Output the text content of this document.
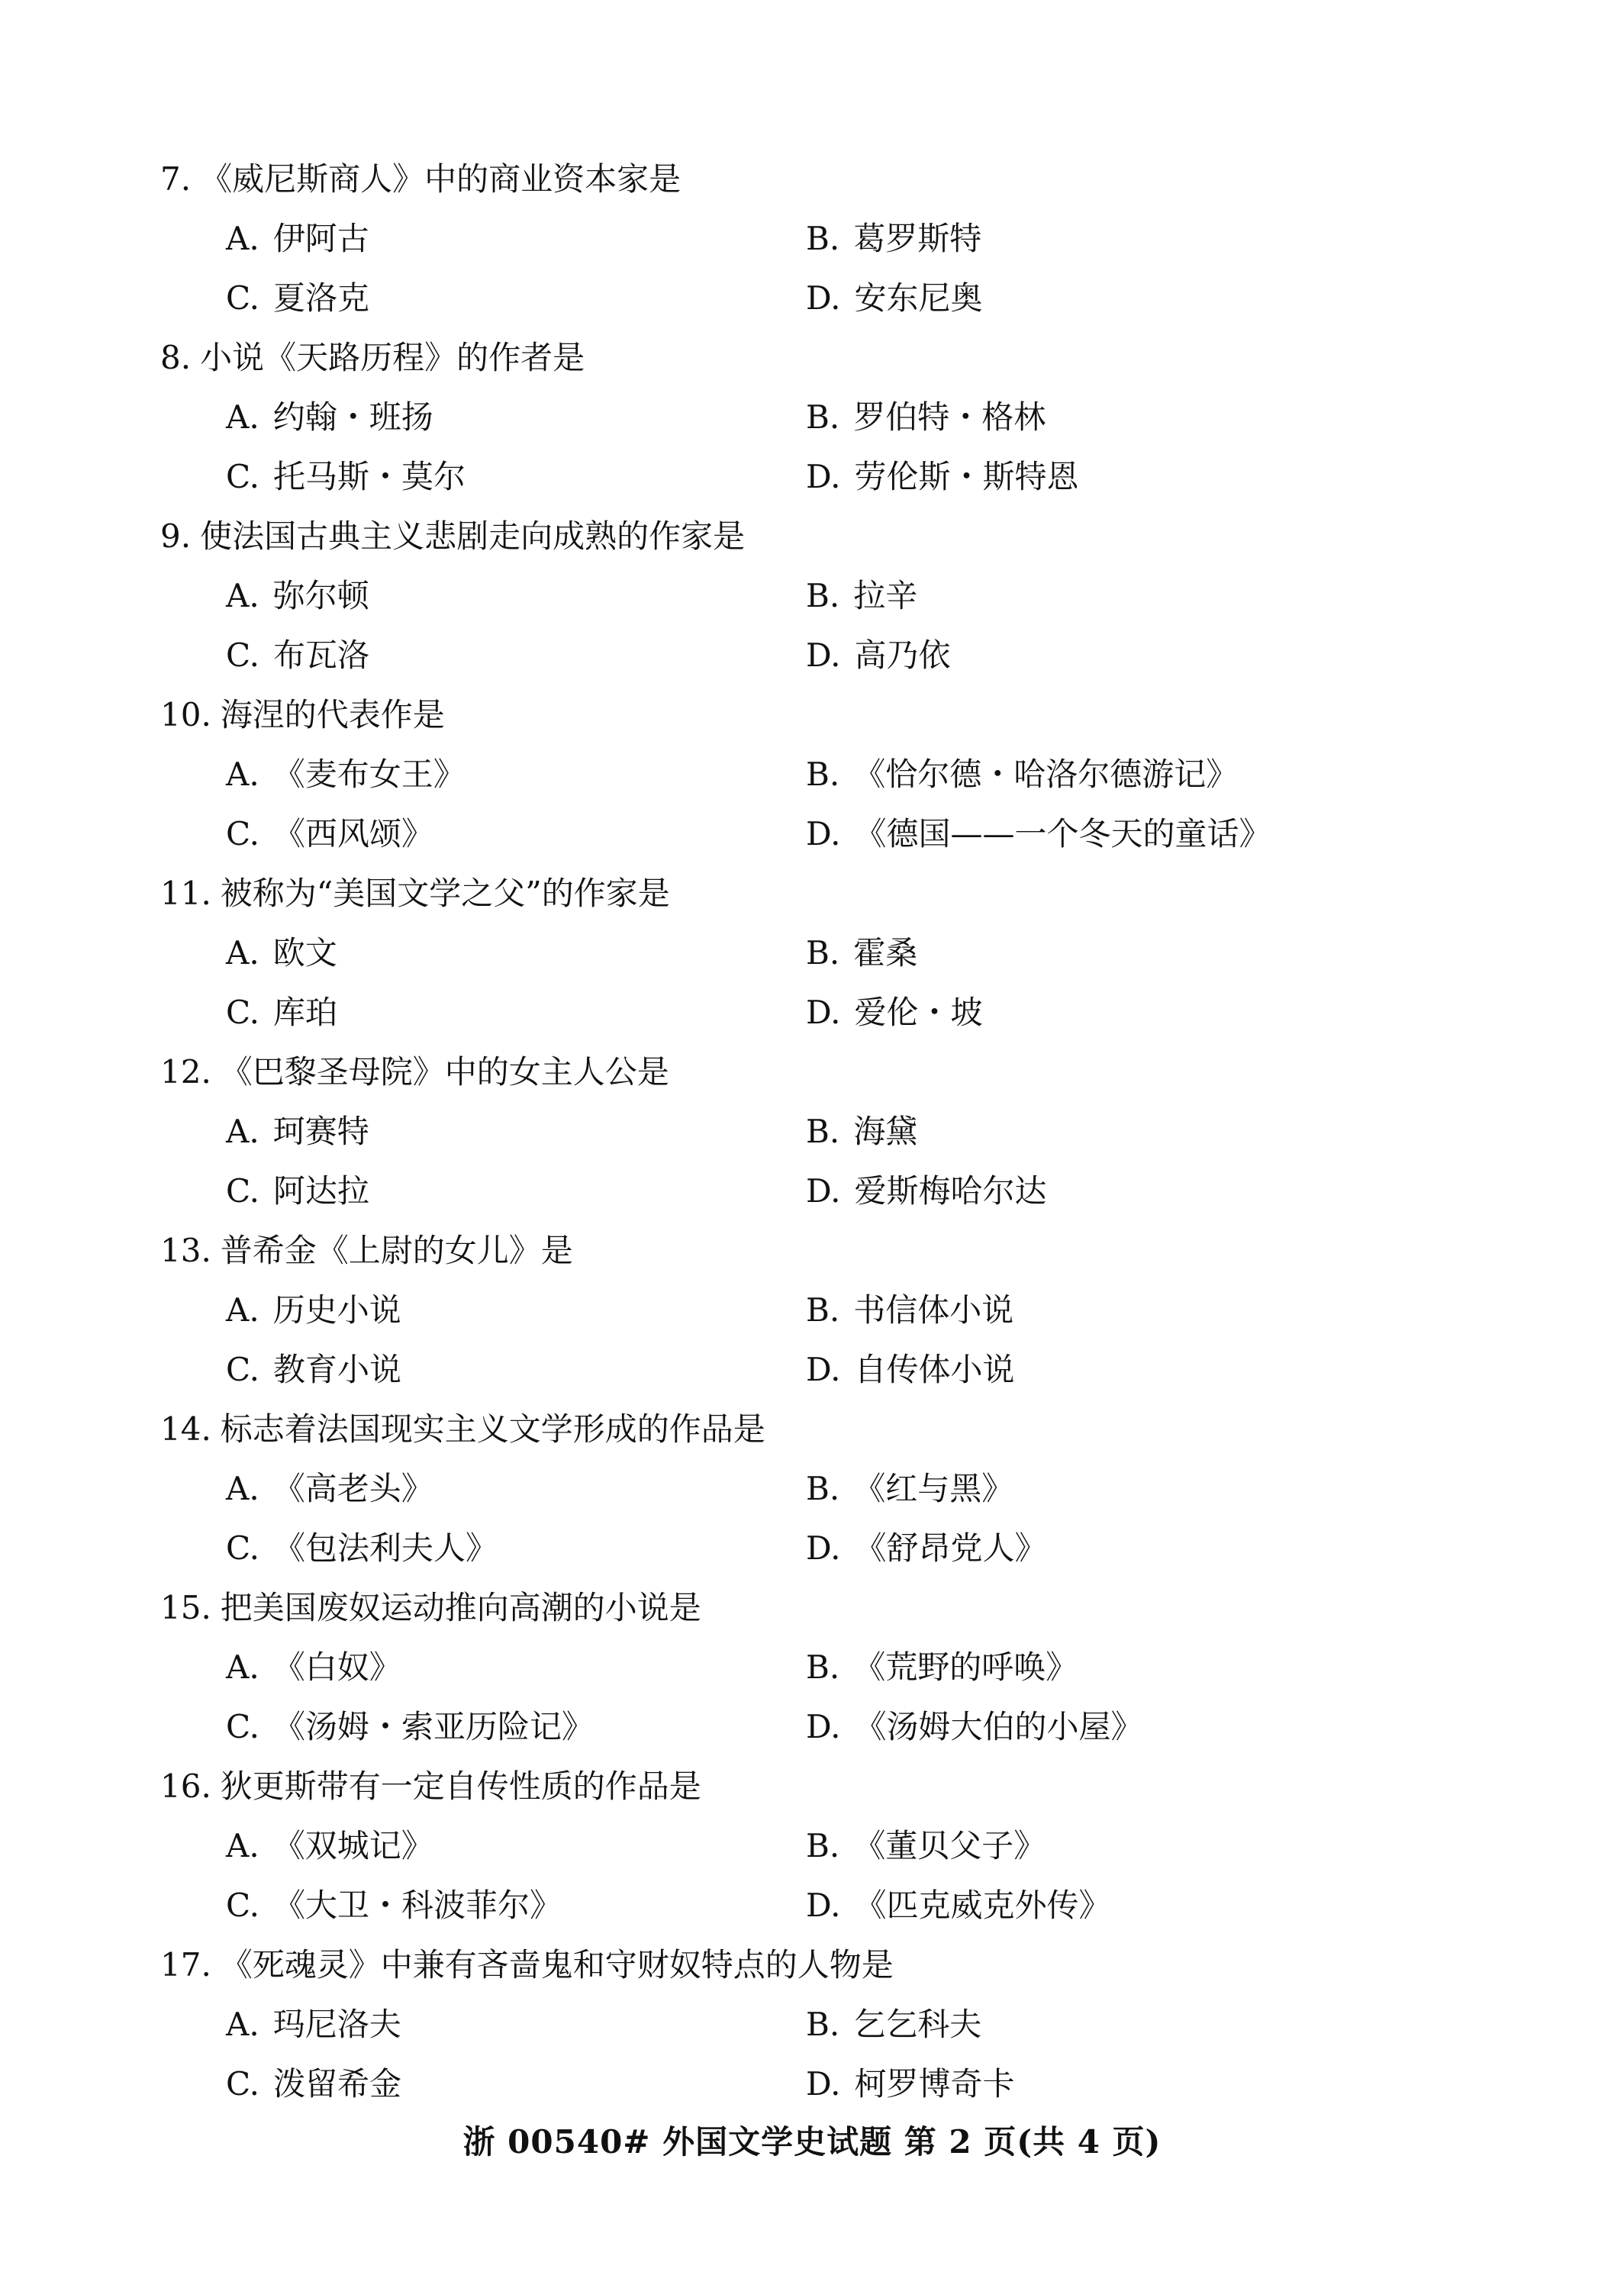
7. 《威尼斯商人》中的商业资本家是
A. 伊阿古	B. 葛罗斯特
C. 夏洛克	D. 安东尼奥
8. 小说《天路历程》的作者是
A. 约翰・班扬	B. 罗伯特・格林
C. 托马斯・莫尔	D. 劳伦斯・斯特恩
9. 使法国古典主义悲剧走向成熟的作家是
A. 弥尔顿	B. 拉辛
C. 布瓦洛	D. 高乃依
10. 海涅的代表作是
A. 《麦布女王》	B. 《恰尔德・哈洛尔德游记》
C. 《西风颂》	D. 《德国——一个冬天的童话》
11. 被称为“美国文学之父”的作家是
A. 欧文	B. 霍桑
C. 库珀	D. 爱伦・坡
12. 《巴黎圣母院》中的女主人公是
A. 珂赛特	B. 海黛
C. 阿达拉	D. 爱斯梅哈尔达
13. 普希金《上尉的女儿》是
A. 历史小说	B. 书信体小说
C. 教育小说	D. 自传体小说
14. 标志着法国现实主义文学形成的作品是
A. 《高老头》	B. 《红与黑》
C. 《包法利夫人》	D. 《舒昂党人》
15. 把美国废奴运动推向高潮的小说是
A. 《白奴》	B. 《荒野的呼唤》
C. 《汤姆・索亚历险记》	D. 《汤姆大伯的小屋》
16. 狄更斯带有一定自传性质的作品是
A. 《双城记》	B. 《董贝父子》
C. 《大卫・科波菲尔》	D. 《匹克威克外传》
17. 《死魂灵》中兼有吝啬鬼和守财奴特点的人物是
A. 玛尼洛夫	B. 乞乞科夫
C. 泼留希金	D. 柯罗博奇卡
浙 00540# 外国文学史试题 第 2 页(共 4 页)
